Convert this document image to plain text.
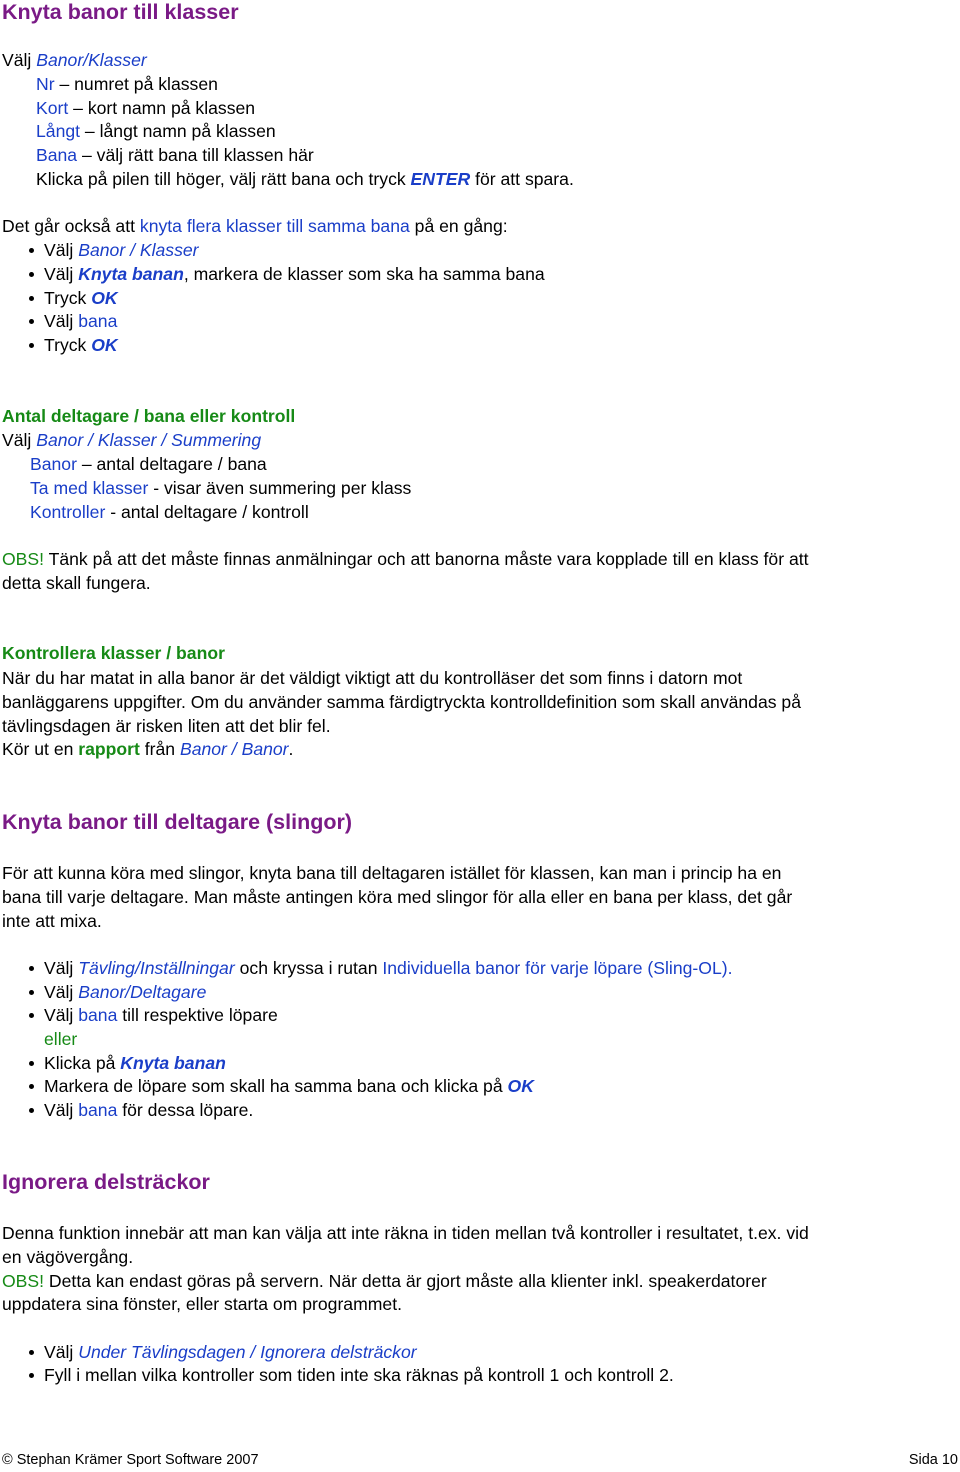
Knyta banor till klasser
Välj Banor/Klasser
Nr – numret på klassen
Kort – kort namn på klassen
Långt – långt namn på klassen
Bana – välj rätt bana till klassen här
Klicka på pilen till höger, välj rätt bana och tryck ENTER för att spara.
Det går också att knyta flera klasser till samma bana på en gång:
Välj Banor / Klasser
Välj Knyta banan, markera de klasser som ska ha samma bana
Tryck OK
Välj bana
Tryck OK
Antal deltagare / bana eller kontroll
Välj Banor / Klasser / Summering
Banor – antal deltagare / bana
Ta med klasser - visar även summering per klass
Kontroller - antal deltagare / kontroll
OBS! Tänk på att det måste finnas anmälningar och att banorna måste vara kopplade till en klass för att
detta skall fungera.
Kontrollera klasser / banor
När du har matat in alla banor är det väldigt viktigt att du kontrolläser det som finns i datorn mot
banläggarens uppgifter. Om du använder samma färdigtryckta kontrolldefinition som skall användas på
tävlingsdagen är risken liten att det blir fel.
Kör ut en rapport från Banor / Banor.
Knyta banor till deltagare (slingor)
För att kunna köra med slingor, knyta bana till deltagaren istället för klassen, kan man i princip ha en
bana till varje deltagare. Man måste antingen köra med slingor för alla eller en bana per klass, det går
inte att mixa.
Välj Tävling/Inställningar och kryssa i rutan Individuella banor för varje löpare (Sling-OL).
Välj Banor/Deltagare
Välj bana till respektive löpare
eller
Klicka på Knyta banan
Markera de löpare som skall ha samma bana och klicka på OK
Välj bana för dessa löpare.
Ignorera delsträckor
Denna funktion innebär att man kan välja att inte räkna in tiden mellan två kontroller i resultatet, t.ex. vid
en vägövergång.
OBS! Detta kan endast göras på servern. När detta är gjort måste alla klienter inkl. speakerdatorer
uppdatera sina fönster, eller starta om programmet.
Välj Under Tävlingsdagen / Ignorera delsträckor
Fyll i mellan vilka kontroller som tiden inte ska räknas på kontroll 1 och kontroll 2.
© Stephan Krämer Sport Software 2007	Sida 10
